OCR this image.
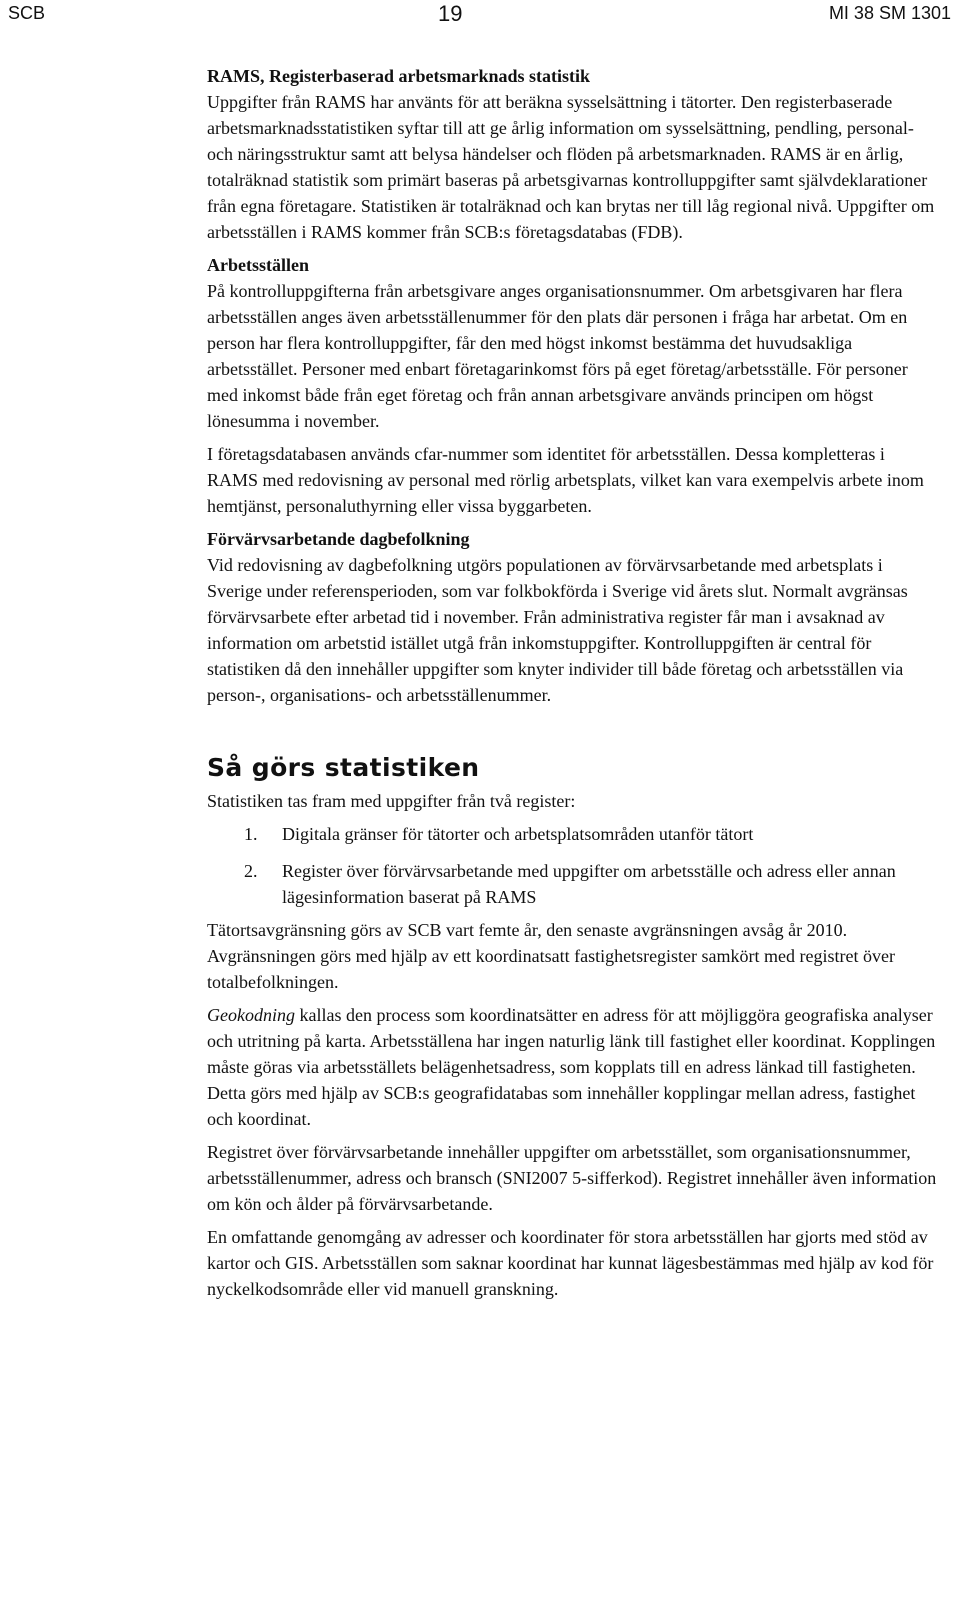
SCB	19	MI 38 SM 1301
RAMS, Registerbaserad arbetsmarknads statistik

Uppgifter från RAMS har använts för att beräkna sysselsättning i tätorter. Den registerbaserade arbetsmarknadsstatistiken syftar till att ge årlig information om sysselsättning, pendling, personal- och näringsstruktur samt att belysa händelser och flöden på arbetsmarknaden. RAMS är en årlig, totalräknad statistik som primärt baseras på arbetsgivarnas kontrolluppgifter samt självdeklarationer från egna företagare. Statistiken är totalräknad och kan brytas ner till låg regional nivå. Uppgifter om arbetsställen i RAMS kommer från SCB:s företagsdatabas (FDB).

Arbetsställen

På kontrolluppgifterna från arbetsgivare anges organisationsnummer. Om arbetsgivaren har flera arbetsställen anges även arbetsställenummer för den plats där personen i fråga har arbetat. Om en person har flera kontrolluppgifter, får den med högst inkomst bestämma det huvudsakliga arbetsstället. Personer med enbart företagarinkomst förs på eget företag/arbetsställe. För personer med inkomst både från eget företag och från annan arbetsgivare används principen om högst lönesumma i november.

I företagsdatabasen används cfar-nummer som identitet för arbetsställen. Dessa kompletteras i RAMS med redovisning av personal med rörlig arbetsplats, vilket kan vara exempelvis arbete inom hemtjänst, personaluthyrning eller vissa byggarbeten.

Förvärvsarbetande dagbefolkning

Vid redovisning av dagbefolkning utgörs populationen av förvärvsarbetande med arbetsplats i Sverige under referensperioden, som var folkbokförda i Sverige vid årets slut. Normalt avgränsas förvärvsarbete efter arbetad tid i november. Från administrativa register får man i avsaknad av information om arbetstid istället utgå från inkomstuppgifter. Kontrolluppgiften är central för statistiken då den innehåller uppgifter som knyter individer till både företag och arbetsställen via person-, organisations- och arbetsställenummer.

Så görs statistiken

Statistiken tas fram med uppgifter från två register:

1. Digitala gränser för tätorter och arbetsplatsområden utanför tätort
2. Register över förvärvsarbetande med uppgifter om arbetsställe och adress eller annan lägesinformation baserat på RAMS

Tätortsavgränsning görs av SCB vart femte år, den senaste avgränsningen avsåg år 2010. Avgränsningen görs med hjälp av ett koordinatsatt fastighetsregister samkört med registret över totalbefolkningen.

Geokodning kallas den process som koordinatsätter en adress för att möjliggöra geografiska analyser och utritning på karta. Arbetsställena har ingen naturlig länk till fastighet eller koordinat. Kopplingen måste göras via arbetsställets belägenhetsadress, som kopplats till en adress länkad till fastigheten. Detta görs med hjälp av SCB:s geografidatabas som innehåller kopplingar mellan adress, fastighet och koordinat.

Registret över förvärvsarbetande innehåller uppgifter om arbetsstället, som organisationsnummer, arbetsställenummer, adress och bransch (SNI2007 5-sifferkod). Registret innehåller även information om kön och ålder på förvärvsarbetande.

En omfattande genomgång av adresser och koordinater för stora arbetsställen har gjorts med stöd av kartor och GIS. Arbetsställen som saknar koordinat har kunnat lägesbestämmas med hjälp av kod för nyckelkodsområde eller vid manuell granskning.
